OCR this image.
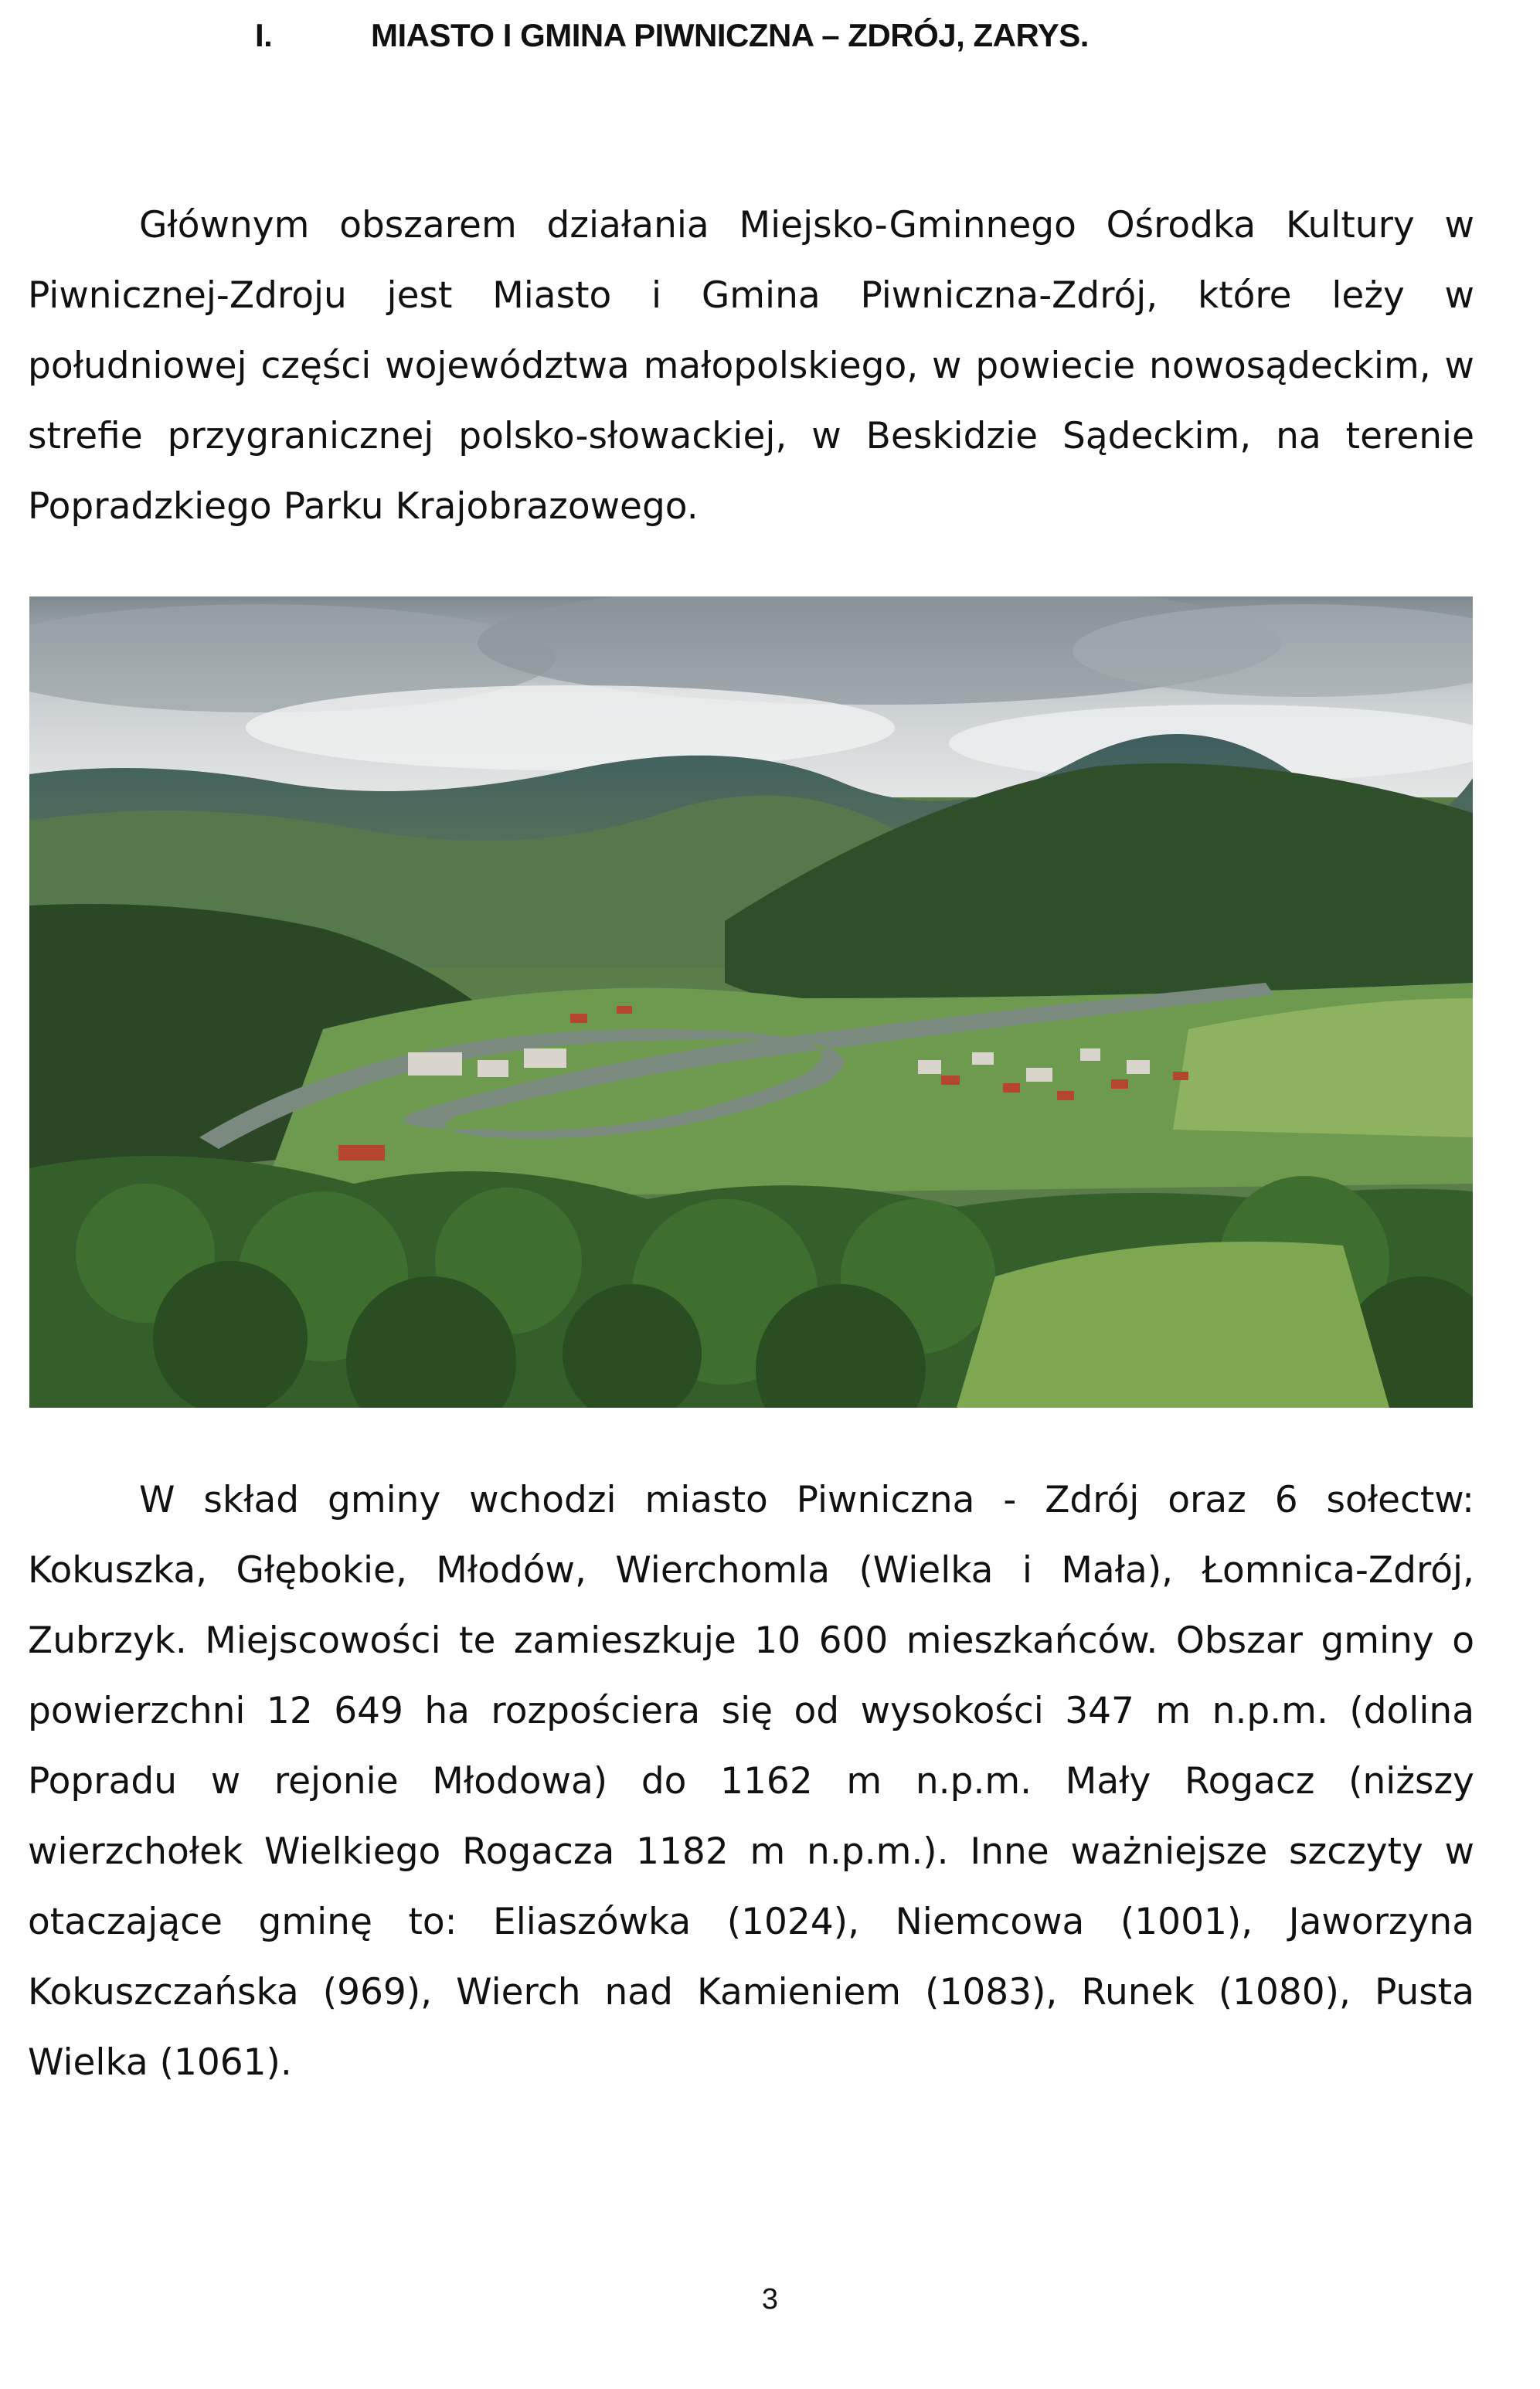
I.	MIASTO I GMINA PIWNICZNA – ZDRÓJ, ZARYS.

Głównym obszarem działania Miejsko-Gminnego Ośrodka Kultury w Piwnicznej-Zdroju jest Miasto i Gmina Piwniczna-Zdrój, które leży w południowej części województwa małopolskiego, w powiecie nowosądeckim, w strefie przygranicznej polsko-słowackiej, w Beskidzie Sądeckim, na terenie Popradzkiego Parku Krajobrazowego.

W skład gminy wchodzi miasto Piwniczna - Zdrój oraz 6 sołectw: Kokuszka, Głębokie, Młodów, Wierchomla (Wielka i Mała), Łomnica-Zdrój, Zubrzyk. Miejscowości te zamieszkuje 10 600 mieszkańców. Obszar gminy o powierzchni 12 649 ha rozpościera się od wysokości 347 m n.p.m. (dolina Popradu w rejonie Młodowa) do 1162 m n.p.m. Mały Rogacz (niższy wierzchołek Wielkiego Rogacza 1182 m n.p.m.). Inne ważniejsze szczyty w otaczające gminę to: Eliaszówka (1024), Niemcowa (1001), Jaworzyna Kokuszczańska (969), Wierch nad Kamieniem (1083), Runek (1080), Pusta Wielka (1061).

3
